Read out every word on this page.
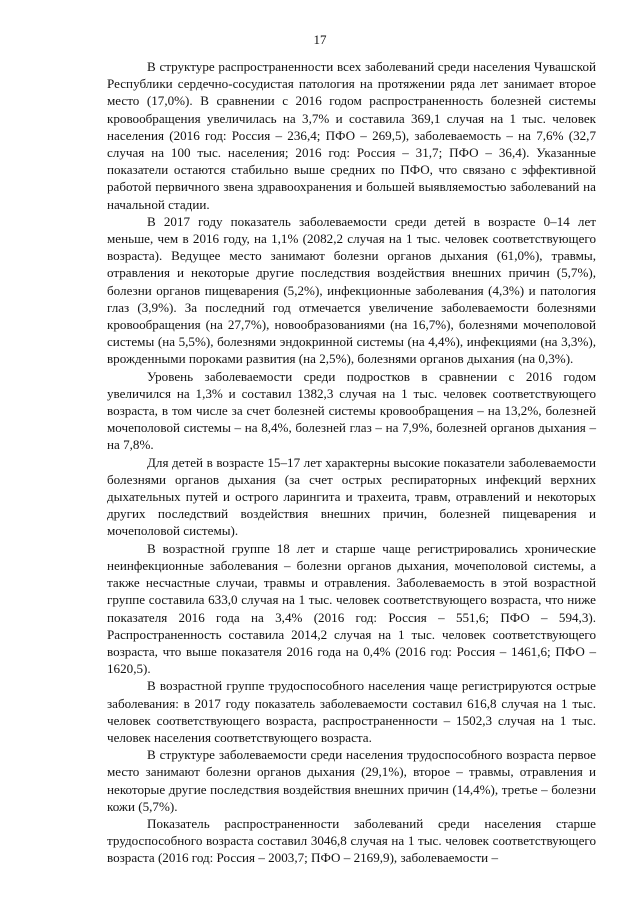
17

В структуре распространенности всех заболеваний среди населения Чувашской Республики сердечно-сосудистая патология на протяжении ряда лет занимает второе место (17,0%). В сравнении с 2016 годом распространенность болезней системы кровообращения увеличилась на 3,7% и составила 369,1 случая на 1 тыс. человек населения (2016 год: Россия – 236,4; ПФО – 269,5), заболеваемость – на 7,6% (32,7 случая на 100 тыс. населения; 2016 год: Россия – 31,7; ПФО – 36,4). Указанные показатели остаются стабильно выше средних по ПФО, что связано с эффективной работой первичного звена здравоохранения и большей выявляемостью заболеваний на начальной стадии.

В 2017 году показатель заболеваемости среди детей в возрасте 0–14 лет меньше, чем в 2016 году, на 1,1% (2082,2 случая на 1 тыс. человек соответствующего возраста). Ведущее место занимают болезни органов дыхания (61,0%), травмы, отравления и некоторые другие последствия воздействия внешних причин (5,7%), болезни органов пищеварения (5,2%), инфекционные заболевания (4,3%) и патология глаз (3,9%). За последний год отмечается увеличение заболеваемости болезнями кровообращения (на 27,7%), новообразованиями (на 16,7%), болезнями мочеполовой системы (на 5,5%), болезнями эндокринной системы (на 4,4%), инфекциями (на 3,3%), врожденными пороками развития (на 2,5%), болезнями органов дыхания (на 0,3%).

Уровень заболеваемости среди подростков в сравнении с 2016 годом увеличился на 1,3% и составил 1382,3 случая на 1 тыс. человек соответствующего возраста, в том числе за счет болезней системы кровообращения – на 13,2%, болезней мочеполовой системы – на 8,4%, болезней глаз – на 7,9%, болезней органов дыхания – на 7,8%.

Для детей в возрасте 15–17 лет характерны высокие показатели заболеваемости болезнями органов дыхания (за счет острых респираторных инфекций верхних дыхательных путей и острого ларингита и трахеита, травм, отравлений и некоторых других последствий воздействия внешних причин, болезней пищеварения и мочеполовой системы).

В возрастной группе 18 лет и старше чаще регистрировались хронические неинфекционные заболевания – болезни органов дыхания, мочеполовой системы, а также несчастные случаи, травмы и отравления. Заболеваемость в этой возрастной группе составила 633,0 случая на 1 тыс. человек соответствующего возраста, что ниже показателя 2016 года на 3,4% (2016 год: Россия – 551,6; ПФО – 594,3). Распространенность составила 2014,2 случая на 1 тыс. человек соответствующего возраста, что выше показателя 2016 года на 0,4% (2016 год: Россия – 1461,6; ПФО – 1620,5).

В возрастной группе трудоспособного населения чаще регистрируются острые заболевания: в 2017 году показатель заболеваемости составил 616,8 случая на 1 тыс. человек соответствующего возраста, распространенности – 1502,3 случая на 1 тыс. человек населения соответствующего возраста.

В структуре заболеваемости среди населения трудоспособного возраста первое место занимают болезни органов дыхания (29,1%), второе – травмы, отравления и некоторые другие последствия воздействия внешних причин (14,4%), третье – болезни кожи (5,7%).

Показатель распространенности заболеваний среди населения старше трудоспособного возраста составил 3046,8 случая на 1 тыс. человек соответствующего возраста (2016 год: Россия – 2003,7; ПФО – 2169,9), заболеваемости –
